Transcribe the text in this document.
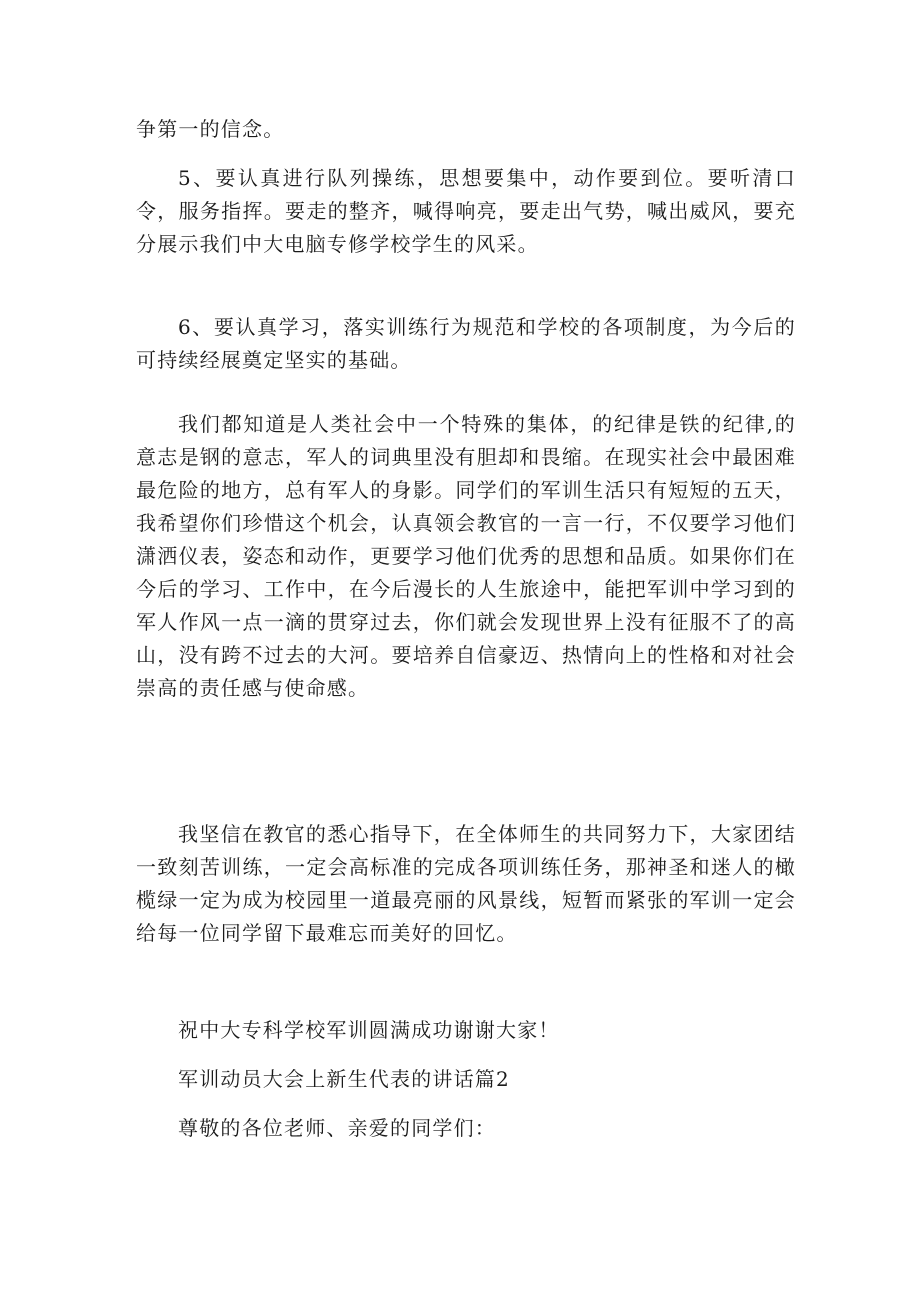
争第一的信念。

5、要认真进行队列操练，思想要集中，动作要到位。要听清口令，服务指挥。要走的整齐，喊得响亮，要走出气势，喊出威风，要充分展示我们中大电脑专修学校学生的风采。

6、要认真学习，落实训练行为规范和学校的各项制度，为今后的可持续经展奠定坚实的基础。

我们都知道是人类社会中一个特殊的集体，的纪律是铁的纪律,的意志是钢的意志，军人的词典里没有胆却和畏缩。在现实社会中最困难最危险的地方，总有军人的身影。同学们的军训生活只有短短的五天，我希望你们珍惜这个机会，认真领会教官的一言一行，不仅要学习他们潇洒仪表，姿态和动作，更要学习他们优秀的思想和品质。如果你们在今后的学习、工作中，在今后漫长的人生旅途中，能把军训中学习到的军人作风一点一滴的贯穿过去，你们就会发现世界上没有征服不了的高山，没有跨不过去的大河。要培养自信豪迈、热情向上的性格和对社会崇高的责任感与使命感。

我坚信在教官的悉心指导下，在全体师生的共同努力下，大家团结一致刻苦训练，一定会高标准的完成各项训练任务，那神圣和迷人的橄榄绿一定为成为校园里一道最亮丽的风景线，短暂而紧张的军训一定会给每一位同学留下最难忘而美好的回忆。

祝中大专科学校军训圆满成功谢谢大家！

军训动员大会上新生代表的讲话篇2

尊敬的各位老师、亲爱的同学们：
